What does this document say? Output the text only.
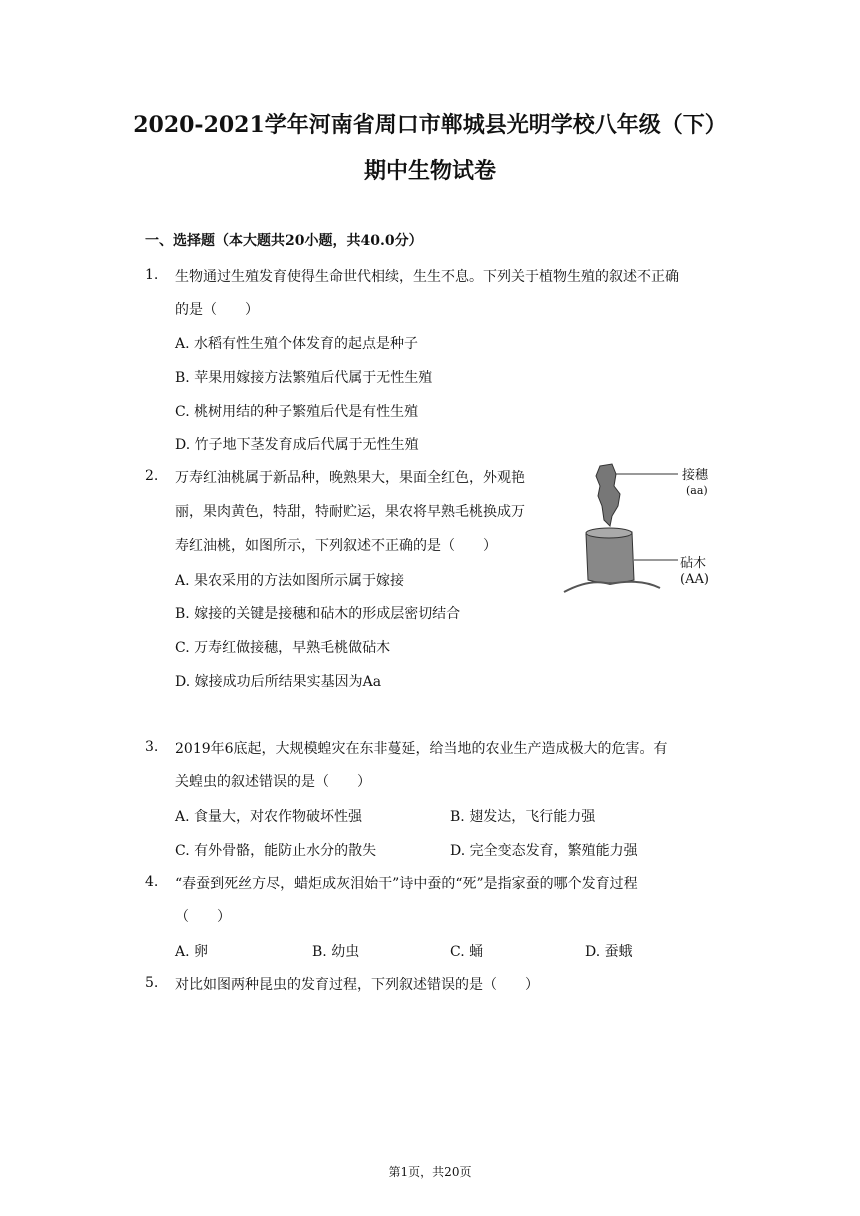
2020-2021学年河南省周口市郸城县光明学校八年级（下）
期中生物试卷
一、选择题（本大题共20小题，共40.0分）
1. 生物通过生殖发育使得生命世代相续，生生不息。下列关于植物生殖的叙述不正确
的是（　　）
A. 水稻有性生殖个体发育的起点是种子
B. 苹果用嫁接方法繁殖后代属于无性生殖
C. 桃树用结的种子繁殖后代是有性生殖
D. 竹子地下茎发育成后代属于无性生殖
2. 万寿红油桃属于新品种，晚熟果大，果面全红色，外观艳
丽，果肉黄色，特甜，特耐贮运，果农将早熟毛桃换成万
寿红油桃，如图所示，下列叙述不正确的是（　　）
A. 果农采用的方法如图所示属于嫁接
B. 嫁接的关键是接穗和砧木的形成层密切结合
C. 万寿红做接穗，早熟毛桃做砧木
D. 嫁接成功后所结果实基因为Aa
接穗
(aa)
砧木
(AA)
3. 2019年6底起，大规模蝗灾在东非蔓延，给当地的农业生产造成极大的危害。有
关蝗虫的叙述错误的是（　　）
A. 食量大，对农作物破坏性强	B. 翅发达，飞行能力强
C. 有外骨骼，能防止水分的散失	D. 完全变态发育，繁殖能力强
4. “春蚕到死丝方尽，蜡炬成灰泪始干”诗中蚕的“死”是指家蚕的哪个发育过程
（　　）
A. 卵	B. 幼虫	C. 蛹	D. 蚕蛾
5. 对比如图两种昆虫的发育过程，下列叙述错误的是（　　）
第1页，共20页
